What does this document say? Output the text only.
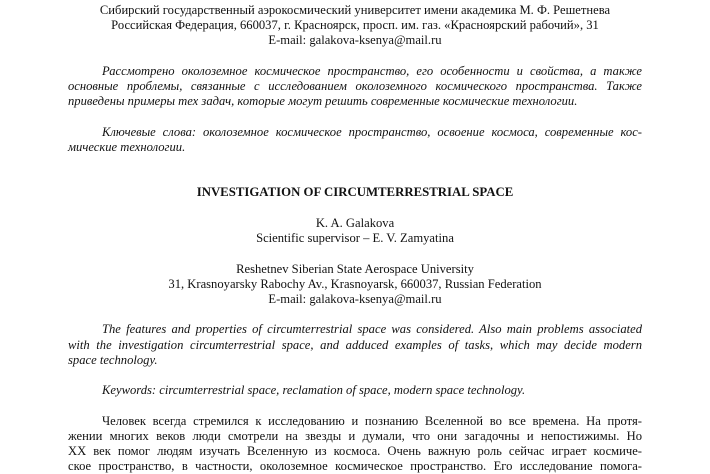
Сибирский государственный аэрокосмический университет имени академика М. Ф. Решетнева
Российская Федерация, 660037, г. Красноярск, просп. им. газ. «Красноярский рабочий», 31
E-mail: galakova-ksenya@mail.ru
Рассмотрено околоземное космическое пространство, его особенности и свойства, а также
основные проблемы, связанные с исследованием околоземного космического пространства. Также
приведены примеры тех задач, которые могут решить современные космические технологии.
Ключевые слова: околоземное космическое пространство, освоение космоса, современные кос-
мические технологии.
INVESTIGATION OF CIRCUMTERRESTRIAL SPACE
K. A. Galakova
Scientific supervisor – E. V. Zamyatina
Reshetnev Siberian State Aerospace University
31, Krasnoyarsky Rabochy Av., Krasnoyarsk, 660037, Russian Federation
E-mail: galakova-ksenya@mail.ru
The features and properties of circumterrestrial space was considered. Also main problems associated
with the investigation circumterrestrial space, and adduced examples of tasks, which may decide modern
space technology.
Keywords: circumterrestrial space, reclamation of space, modern space technology.
Человек всегда стремился к исследованию и познанию Вселенной во все времена. На протя-
жении многих веков люди смотрели на звезды и думали, что они загадочны и непостижимы. Но
XX век помог людям изучать Вселенную из космоса. Очень важную роль сейчас играет космиче-
ское пространство, в частности, околоземное космическое пространство. Его исследование помога-
